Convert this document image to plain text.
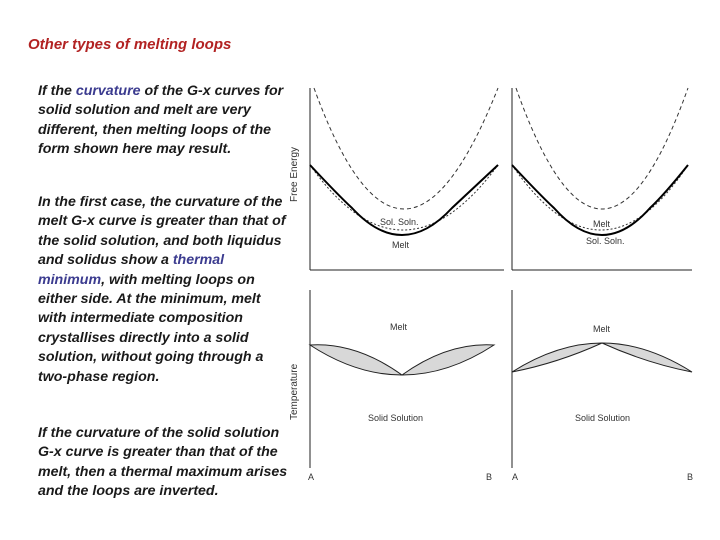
Other types of melting loops

If the curvature of the G-x curves for solid solution and melt are very different, then melting loops of the form shown here may result.

In the first case, the curvature of the melt G-x curve is greater than that of the solid solution, and both liquidus and solidus show a thermal minimum, with melting loops on either side. At the minimum, melt with intermediate composition crystallises directly into a solid solution, without going through a two-phase region.

If the curvature of the solid solution G-x curve is greater than that of the melt, then a thermal maximum arises and the loops are inverted.

Free Energy
Sol. Soln.
Melt
Melt
Sol. Soln.
Temperature
Melt
Solid Solution
A	B
Melt
Solid Solution
A	B
